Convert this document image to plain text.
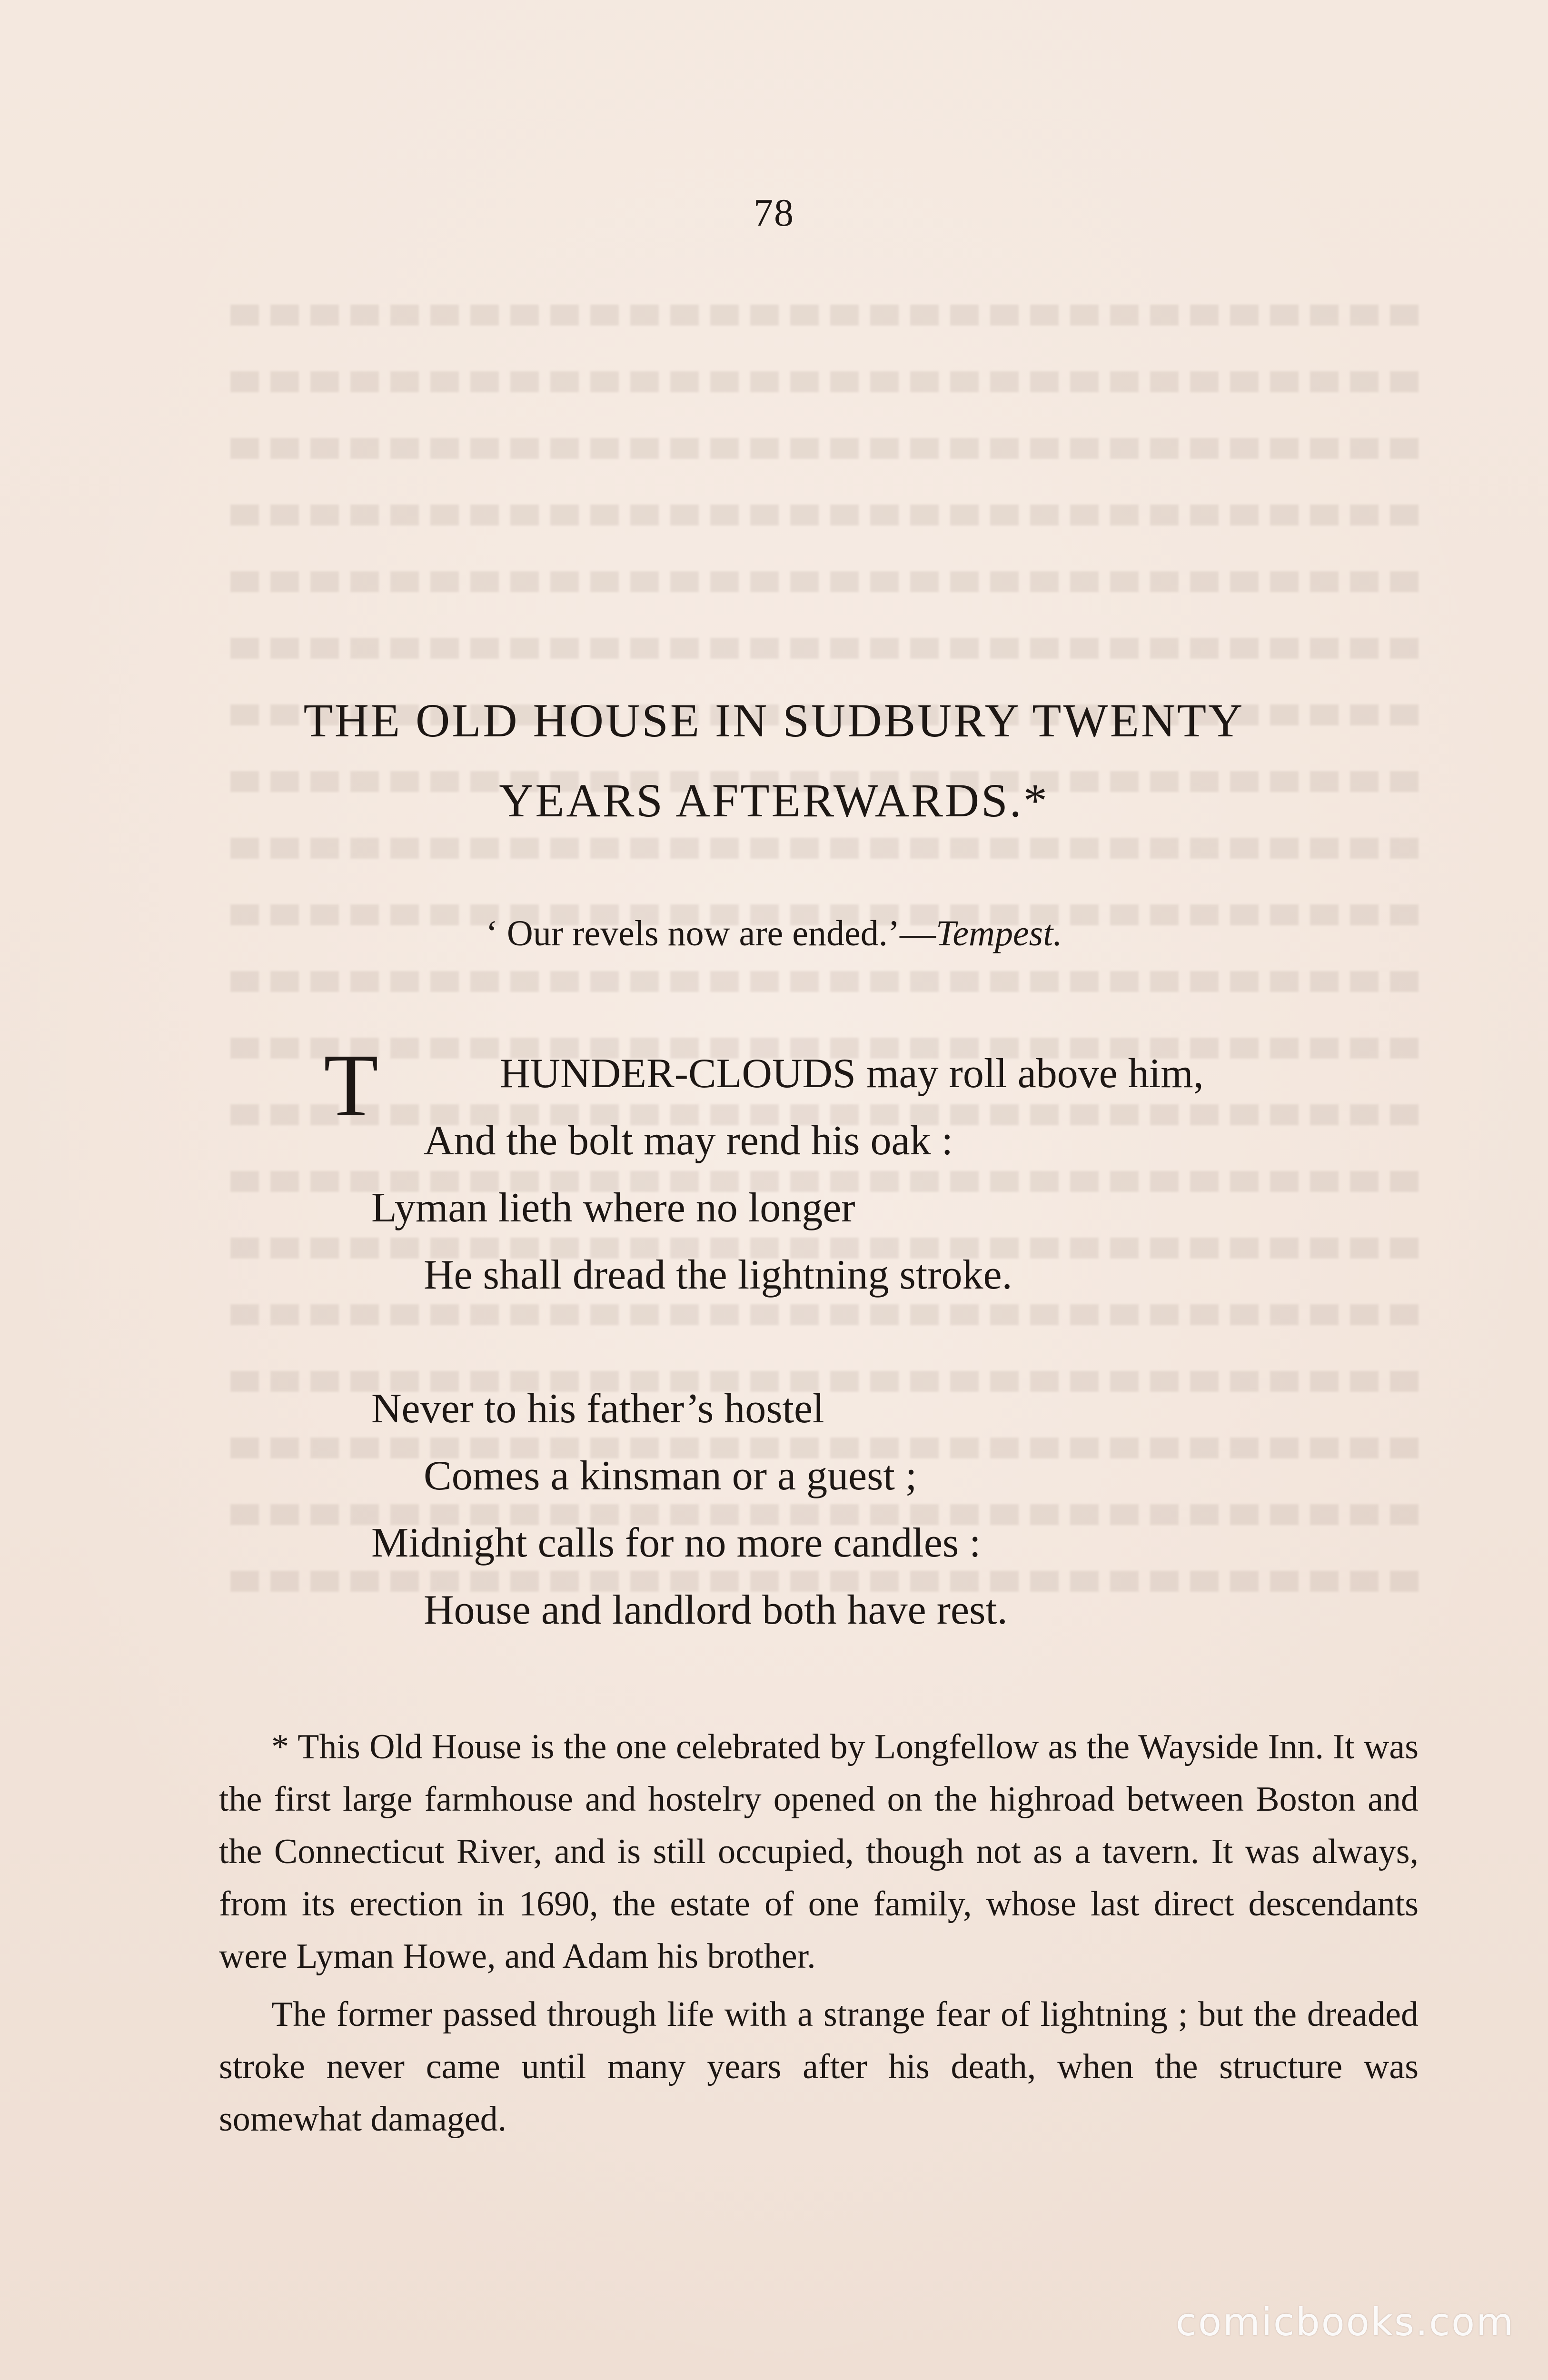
78
THE OLD HOUSE IN SUDBURY TWENTY
YEARS AFTERWARDS.*
‘ Our revels now are ended.’—Tempest.
T	HUNDER-CLOUDS may roll above him,
And the bolt may rend his oak :
Lyman lieth where no longer
He shall dread the lightning stroke.
Never to his father’s hostel
Comes a kinsman or a guest ;
Midnight calls for no more candles :
House and landlord both have rest.

* This Old House is the one celebrated by Longfellow as the Wayside Inn. It was the first large farmhouse and hostelry opened on the highroad between Boston and the Connecticut River, and is still occupied, though not as a tavern. It was always, from its erection in 1690, the estate of one family, whose last direct descendants were Lyman Howe, and Adam his brother.

The former passed through life with a strange fear of lightning ; but the dreaded stroke never came until many years after his death, when the structure was somewhat damaged.

comicbooks.com
